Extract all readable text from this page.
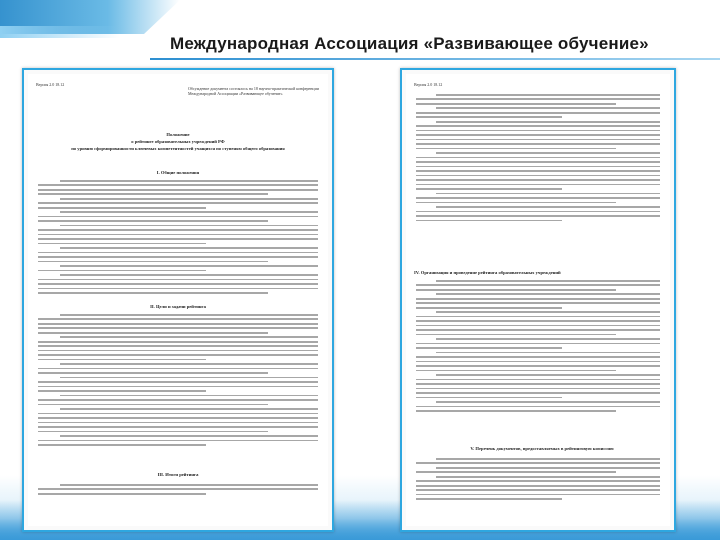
Международная Ассоциация «Развивающее обучение»
Версия 2.0 18.12
Обсуждение документа состоялось на 18 научно-практической конференции Международной Ассоциации «Развивающее обучение»
Положение
о рейтинге образовательных учреждений РФ
по уровню сформированности ключевых компетентностей учащихся по ступеням общего образования
I. Общие положения
II. Цели и задачи рейтинга
III. Итоги рейтинга
Версия 2.0 18.12
IV. Организация и проведение рейтинга образовательных учреждений
V. Перечень документов, предоставляемых в рейтинговую комиссию
